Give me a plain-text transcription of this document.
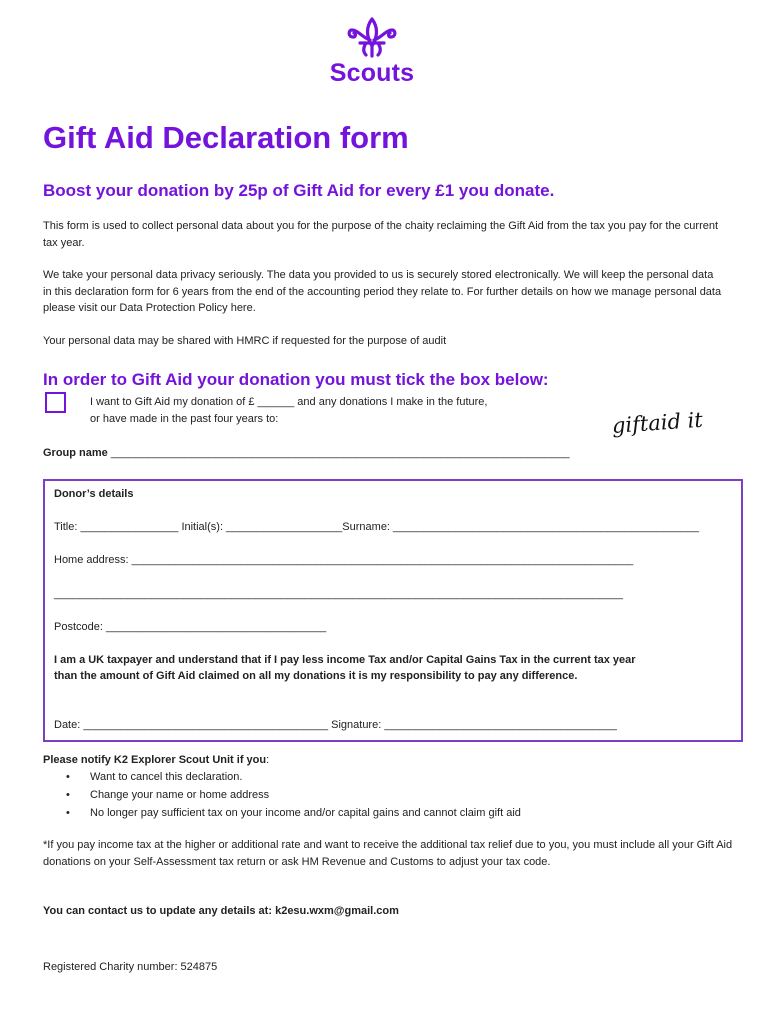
Scouts
Gift Aid Declaration form
Boost your donation by 25p of Gift Aid for every £1 you donate.
This form is used to collect personal data about you for the purpose of the chaity reclaiming the Gift Aid from the tax you pay for the current tax year.
We take your personal data privacy seriously. The data you provided to us is securely stored electronically. We will keep the personal data in this declaration form for 6 years from the end of the accounting period they relate to. For further details on how we manage personal data please visit our Data Protection Policy here.
Your personal data may be shared with HMRC if requested for the purpose of audit
In order to Gift Aid your donation you must tick the box below:
I want to Gift Aid my donation of £ ______ and any donations I make in the future,
or have made in the past four years to:	giftaid it
Group name ___________________________________________________________________________
Donor’s details
Title: ________________ Initial(s): ___________________Surname: __________________________________________________
Home address: __________________________________________________________________________________
_____________________________________________________________________________________________
Postcode: ____________________________________
I am a UK taxpayer and understand that if I pay less income Tax and/or Capital Gains Tax in the current tax year
than the amount of Gift Aid claimed on all my donations it is my responsibility to pay any difference.
Date: ________________________________________ Signature: ______________________________________
Please notify K2 Explorer Scout Unit if you:
• Want to cancel this declaration.
• Change your name or home address
• No longer pay sufficient tax on your income and/or capital gains and cannot claim gift aid
*If you pay income tax at the higher or additional rate and want to receive the additional tax relief due to you, you must include all your Gift Aid donations on your Self-Assessment tax return or ask HM Revenue and Customs to adjust your tax code.
You can contact us to update any details at: k2esu.wxm@gmail.com
Registered Charity number: 524875
